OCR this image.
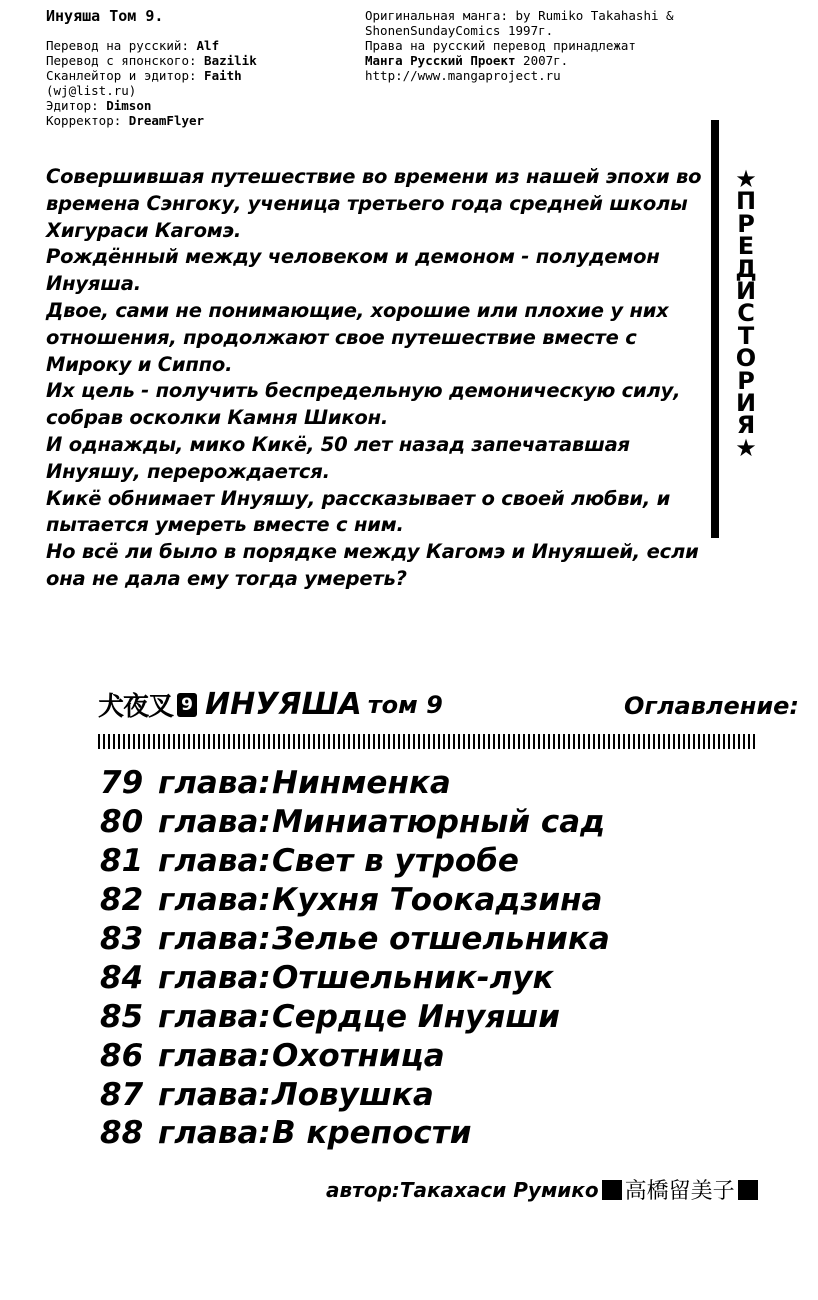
Инуяша Том 9.
Перевод на русский: Alf
Перевод с японского: Bazilik
Сканлейтор и эдитор: Faith
(wj@list.ru)
Эдитор: Dimson
Корректор: DreamFlyer
Оригинальная манга: by Rumiko Takahashi &
ShonenSundayComics 1997г.
Права на русский перевод принадлежат
Манга Русский Проект 2007г.
http://www.mangaproject.ru

Совершившая путешествие во времени из нашей эпохи во времена Сэнгоку, ученица третьего года средней школы Хигураси Кагомэ.

Рождённый между человеком и демоном - полудемон Инуяша.

Двое, сами не понимающие, хорошие или плохие у них отношения, продолжают свое путешествие вместе с Мироку и Сиппо.

Их цель - получить беспредельную демоническую силу, собрав осколки Камня Шикон.

И однажды, мико Кикё, 50 лет назад запечатавшая Инуяшу, перерождается.

Кикё обнимает Инуяшу, рассказывает о своей любви, и пытается умереть вместе с ним.

Но всё ли было в порядке между Кагомэ и Инуяшей, если она не дала ему тогда умереть?

★
П
Р
Е
Д
И
С
Т
О
Р
И
Я
★
犬夜叉 9 ИНУЯША том 9	Оглавление:
79 глава: Нинменка
80 глава: Миниатюрный сад
81 глава: Свет в утробе
82 глава: Кухня Тоокадзина
83 глава: Зелье отшельника
84 глава: Отшельник-лук
85 глава: Сердце Инуяши
86 глава: Охотница
87 глава: Ловушка
88 глава: В крепости
автор: Такахаси Румико 高橋留美子
